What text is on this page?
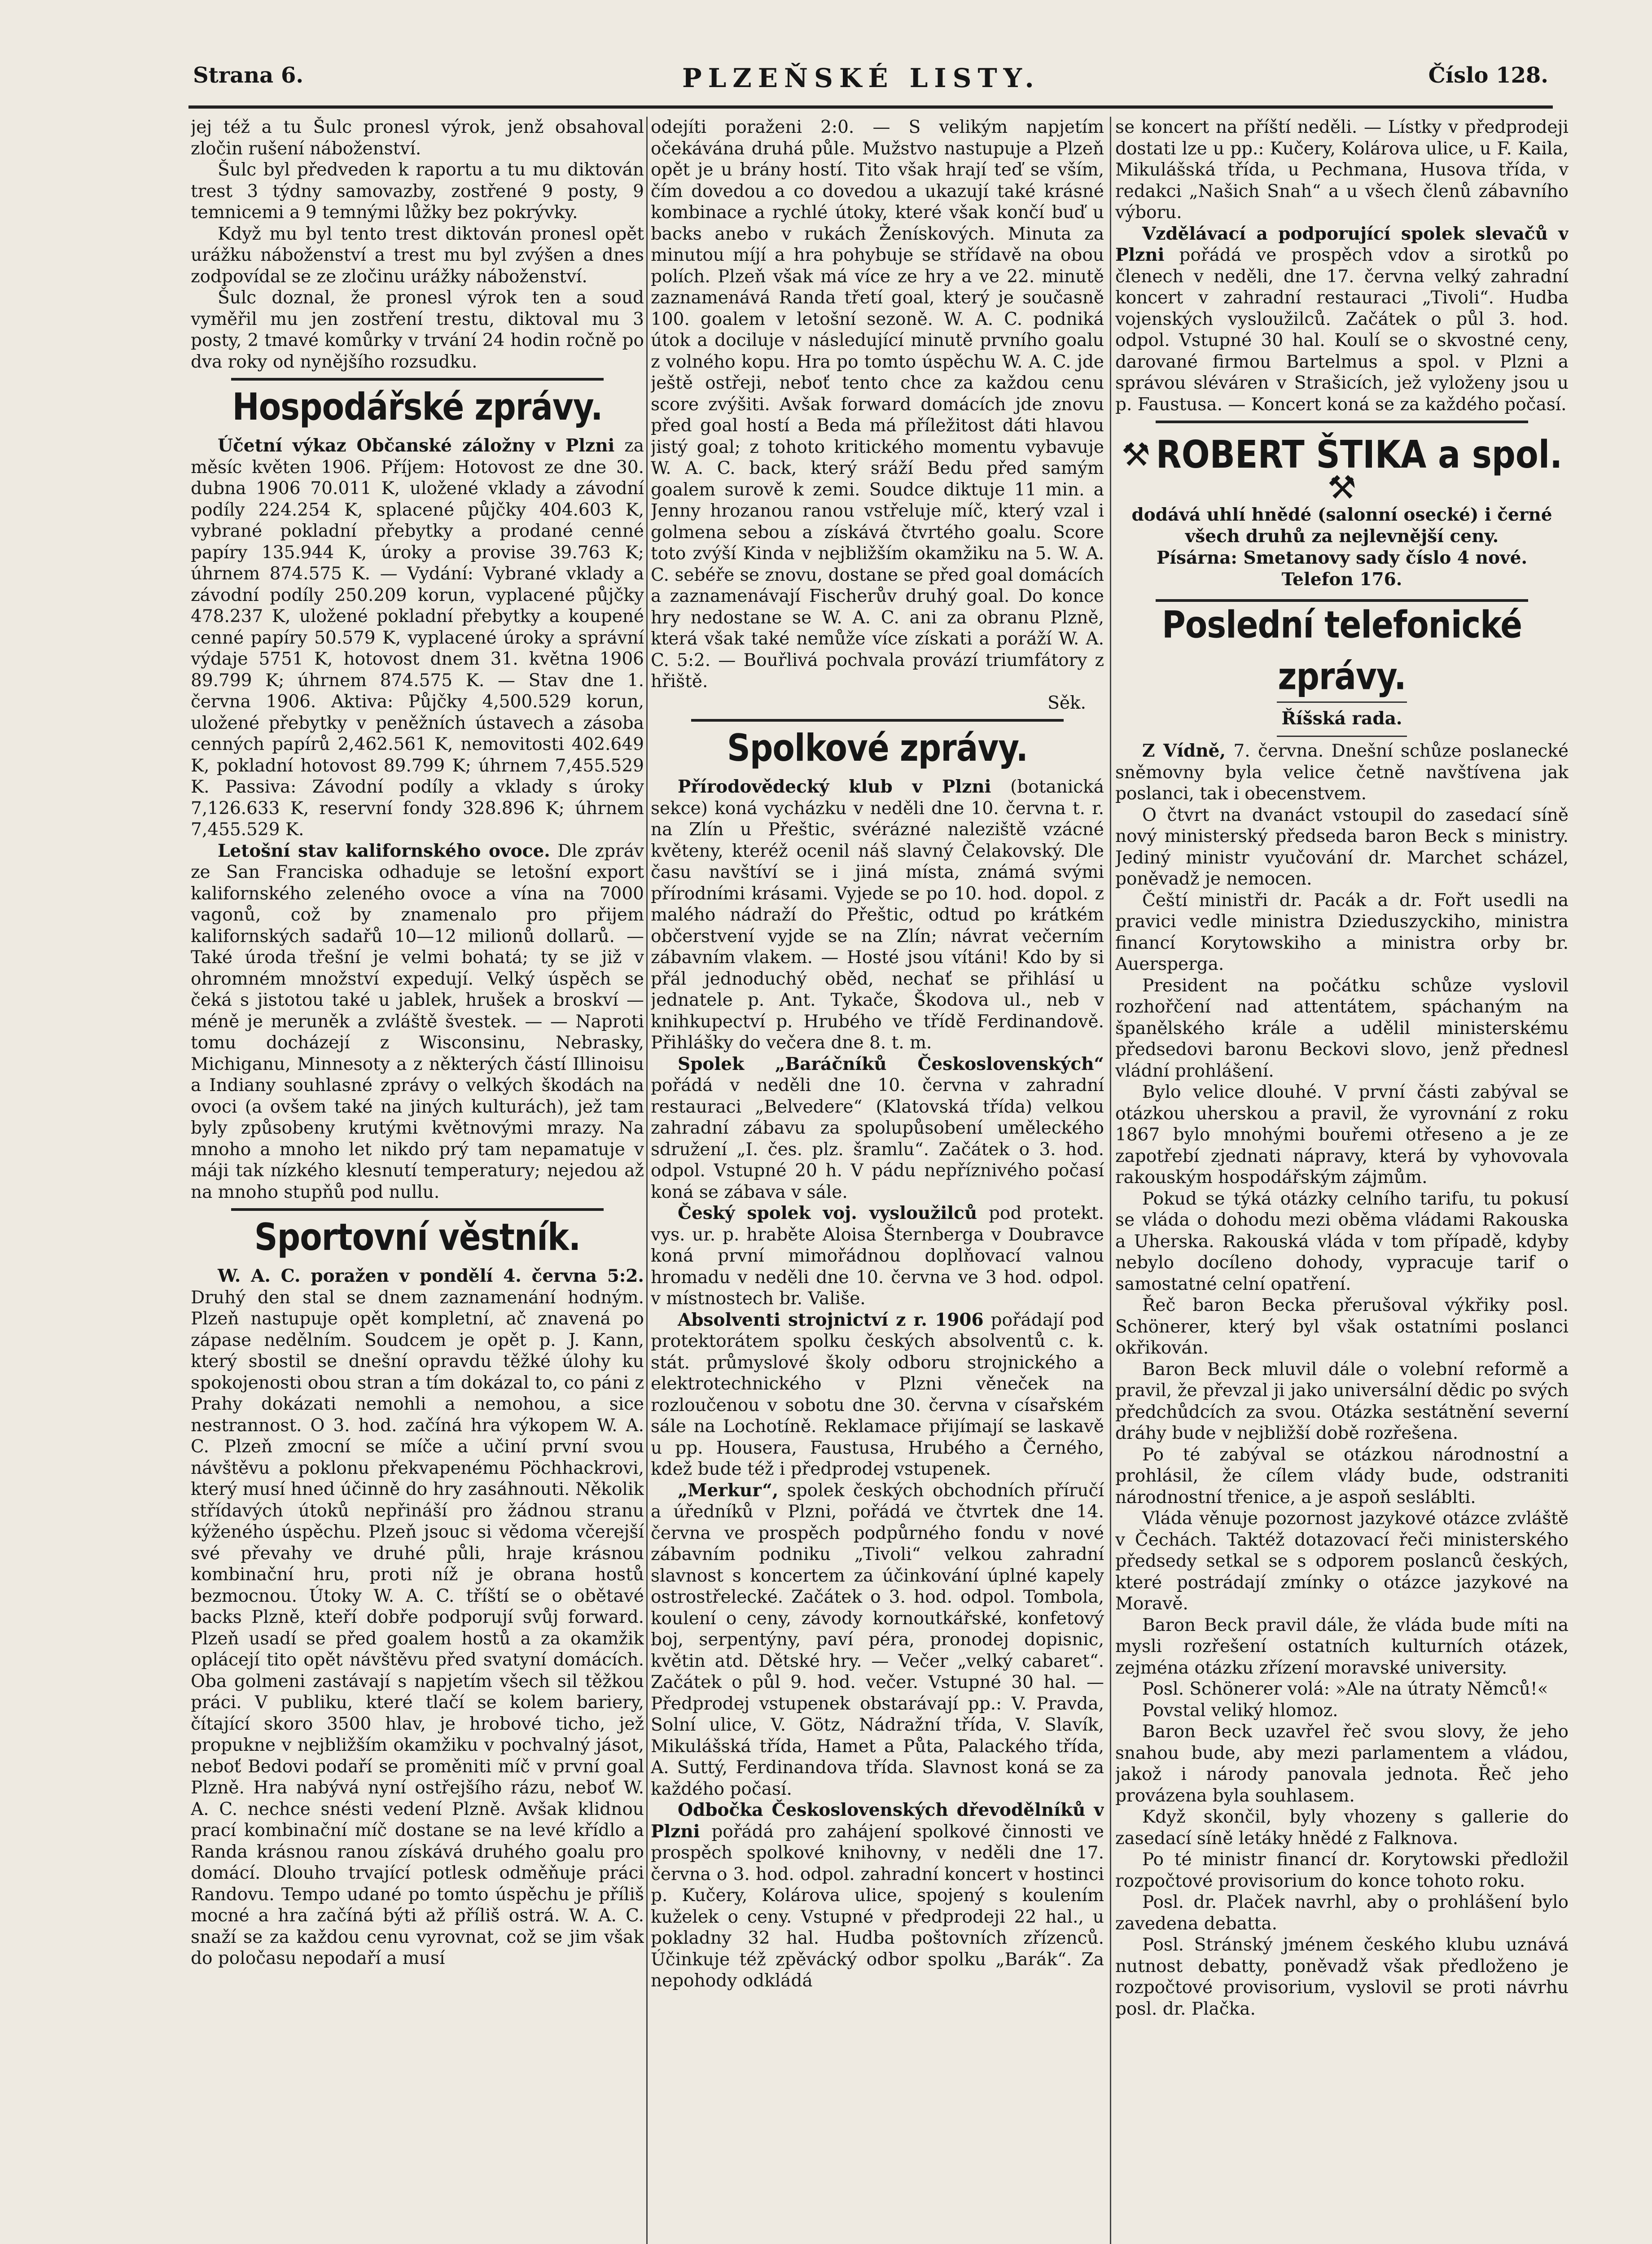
Strana 6.	PLZEŇSKÉ LISTY.	Číslo 128.

jej též a tu Šulc pronesl výrok, jenž obsahoval zločin rušení náboženství.

Šulc byl předveden k raportu a tu mu diktován trest 3 týdny samovazby, zostřené 9 posty, 9 temnicemi a 9 temnými lůžky bez pokrývky.

Když mu byl tento trest diktován pronesl opět urážku náboženství a trest mu byl zvýšen a dnes zodpovídal se ze zločinu urážky náboženství.

Šulc doznal, že pronesl výrok ten a soud vyměřil mu jen zostření trestu, diktoval mu 3 posty, 2 tmavé komůrky v trvání 24 hodin ročně po dva roky od nynějšího rozsudku.

Hospodářské zprávy.

Účetní výkaz Občanské záložny v Plzni za měsíc květen 1906. Příjem: Hotovost ze dne 30. dubna 1906 70.011 K, uložené vklady a závodní podíly 224.254 K, splacené půjčky 404.603 K, vybrané pokladní přebytky a prodané cenné papíry 135.944 K, úroky a provise 39.763 K; úhrnem 874.575 K. — Vydání: Vybrané vklady a závodní podíly 250.209 korun, vyplacené půjčky 478.237 K, uložené pokladní přebytky a koupené cenné papíry 50.579 K, vyplacené úroky a správní výdaje 5751 K, hotovost dnem 31. května 1906 89.799 K; úhrnem 874.575 K. — Stav dne 1. června 1906. Aktiva: Půjčky 4,500.529 korun, uložené přebytky v peněžních ústavech a zásoba cenných papírů 2,462.561 K, nemovitosti 402.649 K, pokladní hotovost 89.799 K; úhrnem 7,455.529 K. Passiva: Závodní podíly a vklady s úroky 7,126.633 K, reservní fondy 328.896 K; úhrnem 7,455.529 K.

Letošní stav kalifornského ovoce. Dle zpráv ze San Franciska odhaduje se letošní export kalifornského zeleného ovoce a vína na 7000 vagonů, což by znamenalo pro přijem kalifornských sadařů 10—12 milionů dollarů. — Také úroda třešní je velmi bohatá; ty se již v ohromném množství expedují. Velký úspěch se čeká s jistotou také u jablek, hrušek a broskví — méně je meruněk a zvláště švestek. — — Naproti tomu docházejí z Wisconsinu, Nebrasky, Michiganu, Minnesoty a z některých částí Illinoisu a Indiany souhlasné zprávy o velkých škodách na ovoci (a ovšem také na jiných kulturách), jež tam byly způsobeny krutými květnovými mrazy. Na mnoho a mnoho let nikdo prý tam nepamatuje v máji tak nízkého klesnutí temperatury; nejedou až na mnoho stupňů pod nullu.

Sportovní věstník.

W. A. C. poražen v pondělí 4. června 5:2. Druhý den stal se dnem zaznamenání hodným. Plzeň nastupuje opět kompletní, ač znavená po zápase nedělním. Soudcem je opět p. J. Kann, který sbostil se dnešní opravdu těžké úlohy ku spokojenosti obou stran a tím dokázal to, co páni z Prahy dokázati nemohli a nemohou, a sice nestrannost. O 3. hod. začíná hra výkopem W. A. C. Plzeň zmocní se míče a učiní první svou návštěvu a poklonu překvapenému Pöchhackrovi, který musí hned účinně do hry zasáhnouti. Několik střídavých útoků nepřináší pro žádnou stranu kýženého úspěchu. Plzeň jsouc si vědoma včerejší své převahy ve druhé půli, hraje krásnou kombinační hru, proti níž je obrana hostů bezmocnou. Útoky W. A. C. tříští se o obětavé backs Plzně, kteří dobře podporují svůj forward. Plzeň usadí se před goalem hostů a za okamžik oplácejí tito opět návštěvu před svatyní domácích. Oba golmeni zastávají s napjetím všech sil těžkou práci. V publiku, které tlačí se kolem bariery, čítající skoro 3500 hlav, je hrobové ticho, jež propukne v nejbližším okamžiku v pochvalný jásot, neboť Bedovi podaří se proměniti míč v první goal Plzně. Hra nabývá nyní ostřejšího rázu, neboť W. A. C. nechce snésti vedení Plzně. Avšak klidnou prací kombinační míč dostane se na levé křídlo a Randa krásnou ranou získává druhého goalu pro domácí. Dlouho trvající potlesk odměňuje práci Randovu. Tempo udané po tomto úspěchu je příliš mocné a hra začíná býti až příliš ostrá. W. A. C. snaží se za každou cenu vyrovnat, což se jim však do poločasu nepodaří a musí

odejíti poraženi 2:0. — S velikým napjetím očekávána druhá půle. Mužstvo nastupuje a Plzeň opět je u brány hostí. Tito však hrají teď se vším, čím dovedou a co dovedou a ukazují také krásné kombinace a rychlé útoky, které však končí buď u backs anebo v rukách Ženískových. Minuta za minutou míjí a hra pohybuje se střídavě na obou polích. Plzeň však má více ze hry a ve 22. minutě zaznamenává Randa třetí goal, který je současně 100. goalem v letošní sezoně. W. A. C. podniká útok a dociluje v následující minutě prvního goalu z volného kopu. Hra po tomto úspěchu W. A. C. jde ještě ostřeji, neboť tento chce za každou cenu score zvýšiti. Avšak forward domácích jde znovu před goal hostí a Beda má příležitost dáti hlavou jistý goal; z tohoto kritického momentu vybavuje W. A. C. back, který sráží Bedu před samým goalem surově k zemi. Soudce diktuje 11 min. a Jenny hrozanou ranou vstřeluje míč, který vzal i golmena sebou a získává čtvrtého goalu. Score toto zvýší Kinda v nejbližším okamžiku na 5. W. A. C. sebéře se znovu, dostane se před goal domácích a zaznamenávají Fischerův druhý goal. Do konce hry nedostane se W. A. C. ani za obranu Plzně, která však také nemůže více získati a poráží W. A. C. 5:2. — Bouřlivá pochvala provází triumfátory z hřiště.

Sěk.

Spolkové zprávy.

Přírodovědecký klub v Plzni (botanická sekce) koná vycházku v neděli dne 10. června t. r. na Zlín u Přeštic, svérázné naleziště vzácné květeny, kteréž ocenil náš slavný Čelakovský. Dle času navštíví se i jiná místa, známá svými přírodními krásami. Vyjede se po 10. hod. dopol. z malého nádraží do Přeštic, odtud po krátkém občerstvení vyjde se na Zlín; návrat večerním zábavním vlakem. — Hosté jsou vítáni! Kdo by si přál jednoduchý oběd, nechať se přihlásí u jednatele p. Ant. Tykače, Škodova ul., neb v knihkupectví p. Hrubého ve třídě Ferdinandově. Přihlášky do večera dne 8. t. m.

Spolek „Baráčníků Československých“ pořádá v neděli dne 10. června v zahradní restauraci „Belvedere“ (Klatovská třída) velkou zahradní zábavu za spolupůsobení uměleckého sdružení „I. čes. plz. šramlu“. Začátek o 3. hod. odpol. Vstupné 20 h. V pádu nepříznivého počasí koná se zábava v sále.

Český spolek voj. vysloužilců pod protekt. vys. ur. p. hraběte Aloisa Šternberga v Doubravce koná první mimořádnou doplňovací valnou hromadu v neděli dne 10. června ve 3 hod. odpol. v místnostech br. Vališe.

Absolventi strojnictví z r. 1906 pořádají pod protektorátem spolku českých absolventů c. k. stát. průmyslové školy odboru strojnického a elektrotechnického v Plzni věneček na rozloučenou v sobotu dne 30. června v císařském sále na Lochotíně. Reklamace přijímají se laskavě u pp. Housera, Faustusa, Hrubého a Černého, kdež bude též i předprodej vstupenek.

„Merkur“, spolek českých obchodních příručí a úředníků v Plzni, pořádá ve čtvrtek dne 14. června ve prospěch podpůrného fondu v nové zábavním podniku „Tivoli“ velkou zahradní slavnost s koncertem za účinkování úplné kapely ostrostřelecké. Začátek o 3. hod. odpol. Tombola, koulení o ceny, závody kornoutkářské, konfetový boj, serpentýny, paví péra, pronodej dopisnic, květin atd. Dětské hry. — Večer „velký cabaret“. Začátek o půl 9. hod. večer. Vstupné 30 hal. — Předprodej vstupenek obstarávají pp.: V. Pravda, Solní ulice, V. Götz, Nádražní třída, V. Slavík, Mikulášská třída, Hamet a Půta, Palackého třída, A. Suttý, Ferdinandova třída. Slavnost koná se za každého počasí.

Odbočka Československých dřevodělníků v Plzni pořádá pro zahájení spolkové činnosti ve prospěch spolkové knihovny, v neděli dne 17. června o 3. hod. odpol. zahradní koncert v hostinci p. Kučery, Kolárova ulice, spojený s koulením kuželek o ceny. Vstupné v předprodeji 22 hal., u pokladny 32 hal. Hudba poštovních zřízenců. Účinkuje též zpěvácký odbor spolku „Barák“. Za nepohody odkládá

se koncert na příští neděli. — Lístky v předprodeji dostati lze u pp.: Kučery, Kolárova ulice, u F. Kaila, Mikulášská třída, u Pechmana, Husova třída, v redakci „Našich Snah“ a u všech členů zábavního výboru.

Vzdělávací a podporující spolek slevačů v Plzni pořádá ve prospěch vdov a sirotků po členech v neděli, dne 17. června velký zahradní koncert v zahradní restauraci „Tivoli“. Hudba vojenských vysloužilců. Začátek o půl 3. hod. odpol. Vstupné 30 hal. Koulí se o skvostné ceny, darované firmou Bartelmus a spol. v Plzni a správou sléváren v Strašicích, jež vyloženy jsou u p. Faustusa. — Koncert koná se za každého počasí.

⚒ ROBERT ŠTIKA a spol. ⚒
dodává uhlí hnědé (salonní osecké) i černé
všech druhů za nejlevnější ceny.
Písárna: Smetanovy sady číslo 4 nové.
Telefon 176.
Poslední telefonické zprávy.
Říšská rada.

Z Vídně, 7. června. Dnešní schůze poslanecké sněmovny byla velice četně navštívena jak poslanci, tak i obecenstvem.

O čtvrt na dvanáct vstoupil do zasedací síně nový ministerský předseda baron Beck s ministry. Jediný ministr vyučování dr. Marchet scházel, poněvadž je nemocen.

Čeští ministři dr. Pacák a dr. Fořt usedli na pravici vedle ministra Dzieduszyckiho, ministra financí Korytowskiho a ministra orby br. Auersperga.

President na počátku schůze vyslovil rozhořčení nad attentátem, spáchaným na španělského krále a udělil ministerskému předsedovi baronu Beckovi slovo, jenž přednesl vládní prohlášení.

Bylo velice dlouhé. V první části zabýval se otázkou uherskou a pravil, že vyrovnání z roku 1867 bylo mnohými bouřemi otřeseno a je ze zapotřebí zjednati nápravy, která by vyhovovala rakouským hospodářským zájmům.

Pokud se týká otázky celního tarifu, tu pokusí se vláda o dohodu mezi oběma vládami Rakouska a Uherska. Rakouská vláda v tom případě, kdyby nebylo docíleno dohody, vypracuje tarif o samostatné celní opatření.

Řeč baron Becka přerušoval výkřiky posl. Schönerer, který byl však ostatními poslanci okřikován.

Baron Beck mluvil dále o volební reformě a pravil, že převzal ji jako universální dědic po svých předchůdcích za svou. Otázka sestátnění severní dráhy bude v nejbližší době rozřešena.

Po té zabýval se otázkou národnostní a prohlásil, že cílem vlády bude, odstraniti národnostní třenice, a je aspoň sesláblti.

Vláda věnuje pozornost jazykové otázce zvláště v Čechách. Taktéž dotazovací řeči ministerského předsedy setkal se s odporem poslanců českých, které postrádají zmínky o otázce jazykové na Moravě.

Baron Beck pravil dále, že vláda bude míti na mysli rozřešení ostatních kulturních otázek, zejména otázku zřízení moravské university.

Posl. Schönerer volá: »Ale na útraty Němců!«

Povstal veliký hlomoz.

Baron Beck uzavřel řeč svou slovy, že jeho snahou bude, aby mezi parlamentem a vládou, jakož i národy panovala jednota. Řeč jeho provázena byla souhlasem.

Když skončil, byly vhozeny s gallerie do zasedací síně letáky hnědé z Falknova.

Po té ministr financí dr. Korytowski předložil rozpočtové provisorium do konce tohoto roku.

Posl. dr. Plaček navrhl, aby o prohlášení bylo zavedena debatta.

Posl. Stránský jménem českého klubu uznává nutnost debatty, poněvadž však předloženo je rozpočtové provisorium, vyslovil se proti návrhu posl. dr. Plačka.
